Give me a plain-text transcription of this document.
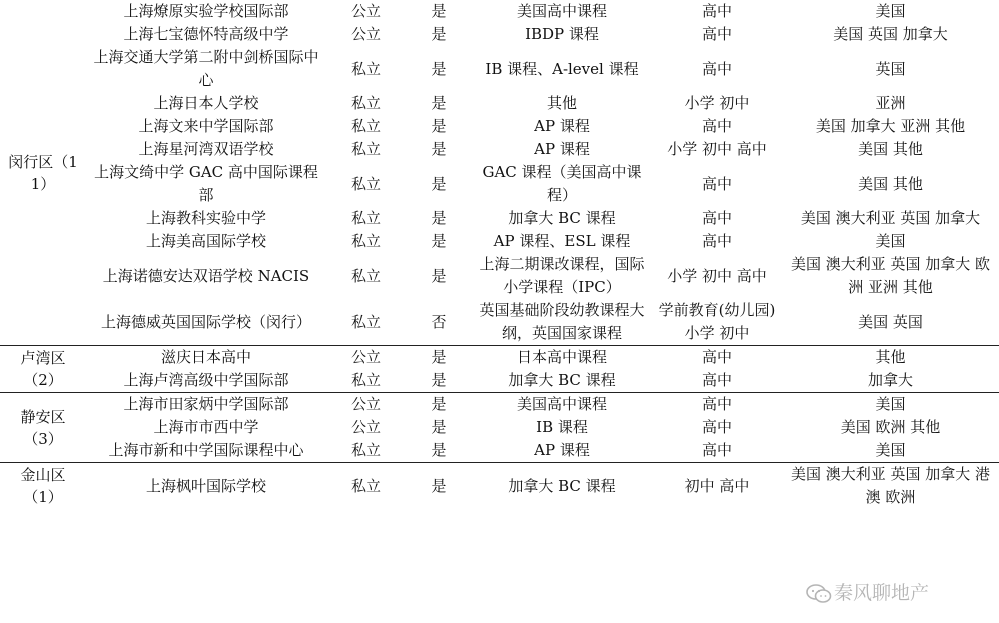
闵行区（11）	上海燎原实验学校国际部	公立	是	美国高中课程	高中	美国
	上海七宝德怀特高级中学	公立	是	IBDP 课程	高中	美国 英国 加拿大
	上海交通大学第二附中剑桥国际中心	私立	是	IB 课程、A-level 课程	高中	英国
	上海日本人学校	私立	是	其他	小学 初中	亚洲
	上海文来中学国际部	私立	是	AP 课程	高中	美国 加拿大 亚洲 其他
	上海星河湾双语学校	私立	是	AP 课程	小学 初中 高中	美国 其他
	上海文绮中学 GAC 高中国际课程部	私立	是	GAC 课程（美国高中课程）	高中	美国 其他
	上海教科实验中学	私立	是	加拿大 BC 课程	高中	美国 澳大利亚 英国 加拿大
	上海美高国际学校	私立	是	AP 课程、ESL 课程	高中	美国
	上海诺德安达双语学校 NACIS	私立	是	上海二期课改课程，国际小学课程（IPC）	小学 初中 高中	美国 澳大利亚 英国 加拿大 欧洲 亚洲 其他
	上海德威英国国际学校（闵行）	私立	否	英国基础阶段幼教课程大纲，英国国家课程	学前教育(幼儿园) 小学 初中	美国 英国
卢湾区（2）	滋庆日本高中	公立	是	日本高中课程	高中	其他
	上海卢湾高级中学国际部	私立	是	加拿大 BC 课程	高中	加拿大
静安区（3）	上海市田家炳中学国际部	公立	是	美国高中课程	高中	美国
	上海市市西中学	公立	是	IB 课程	高中	美国 欧洲 其他
	上海市新和中学国际课程中心	私立	是	AP 课程	高中	美国
金山区（1）	上海枫叶国际学校	私立	是	加拿大 BC 课程	初中 高中	美国 澳大利亚 英国 加拿大 港澳 欧洲
秦风聊地产
